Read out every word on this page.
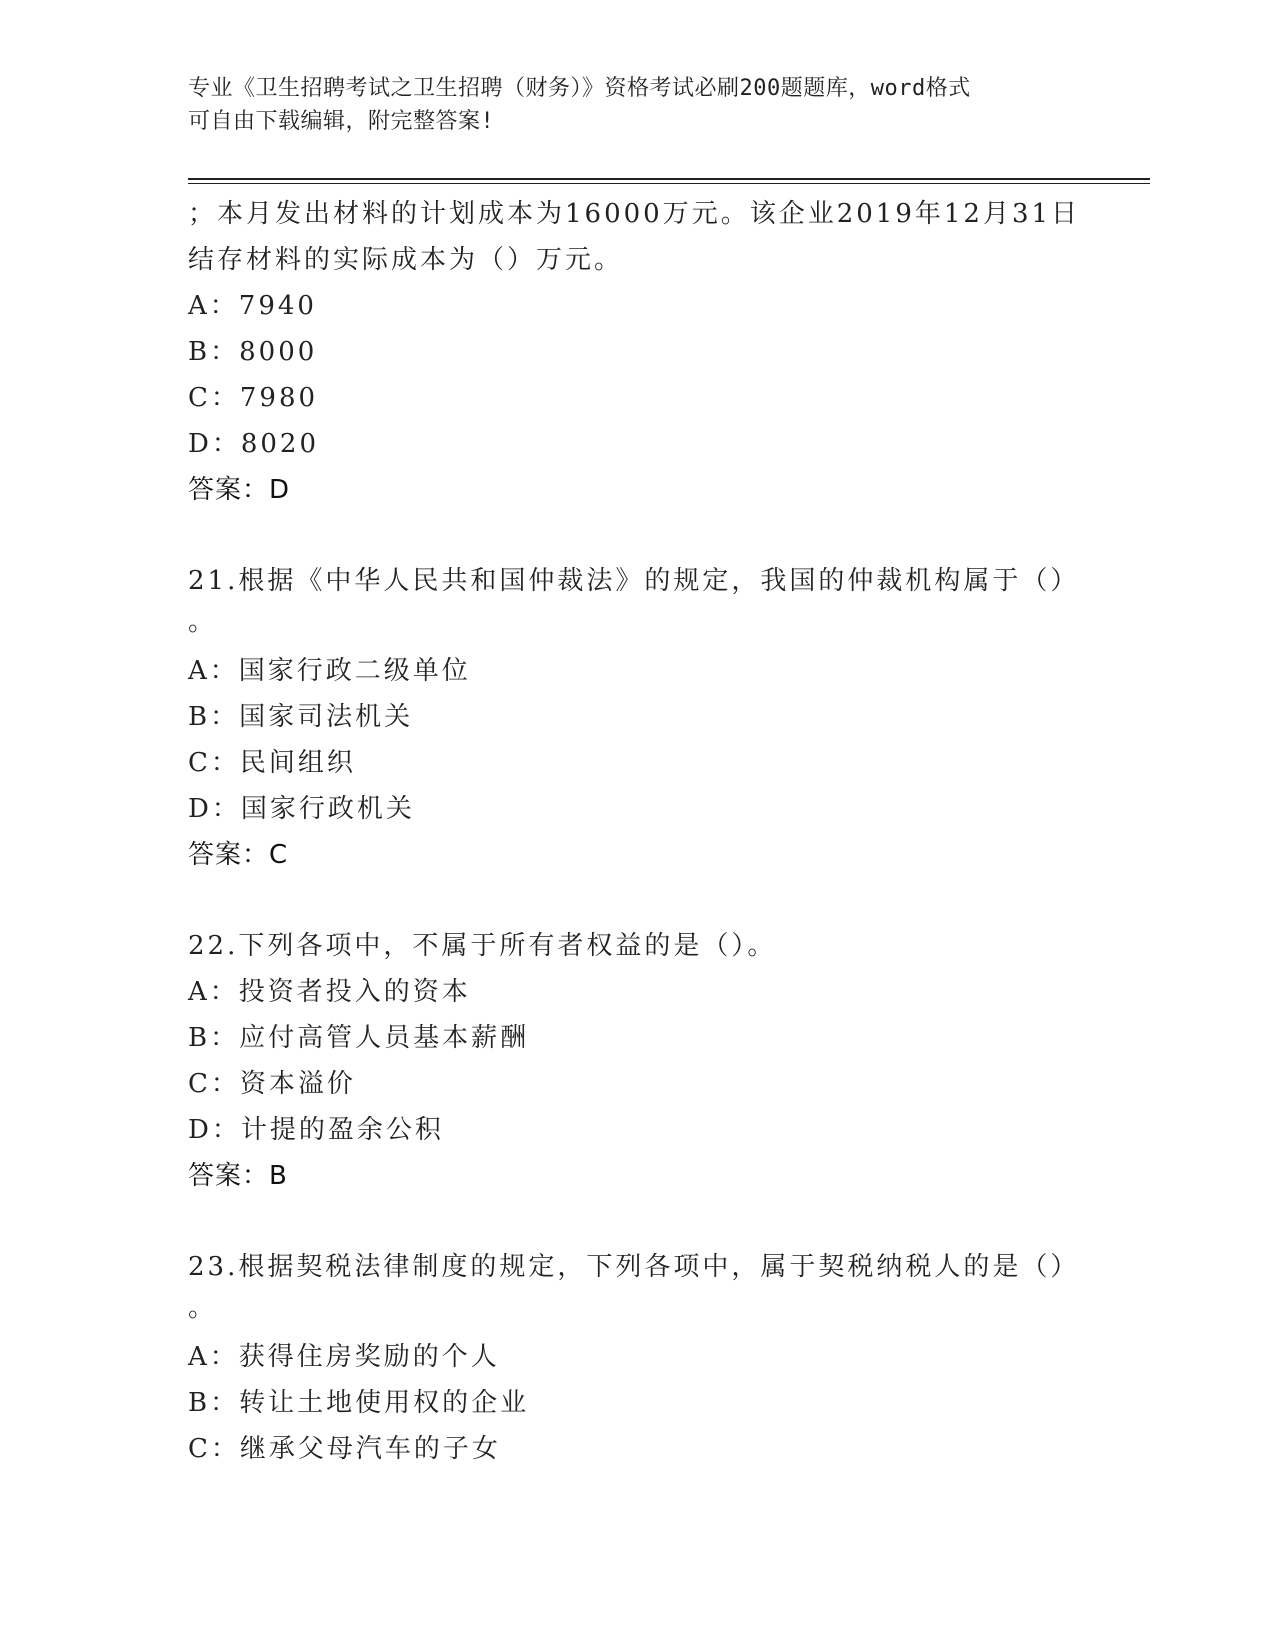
专业《卫生招聘考试之卫生招聘（财务）》资格考试必刷200题题库，word格式
可自由下载编辑，附完整答案!
；本月发出材料的计划成本为16000万元。该企业2019年12月31日
结存材料的实际成本为（）万元。
A：7940
B：8000
C：7980
D：8020
答案：D
21.根据《中华人民共和国仲裁法》的规定，我国的仲裁机构属于（）
。
A：国家行政二级单位
B：国家司法机关
C：民间组织
D：国家行政机关
答案：C
22.下列各项中，不属于所有者权益的是（）。
A：投资者投入的资本
B：应付高管人员基本薪酬
C：资本溢价
D：计提的盈余公积
答案：B
23.根据契税法律制度的规定，下列各项中，属于契税纳税人的是（）
。
A：获得住房奖励的个人
B：转让土地使用权的企业
C：继承父母汽车的子女
